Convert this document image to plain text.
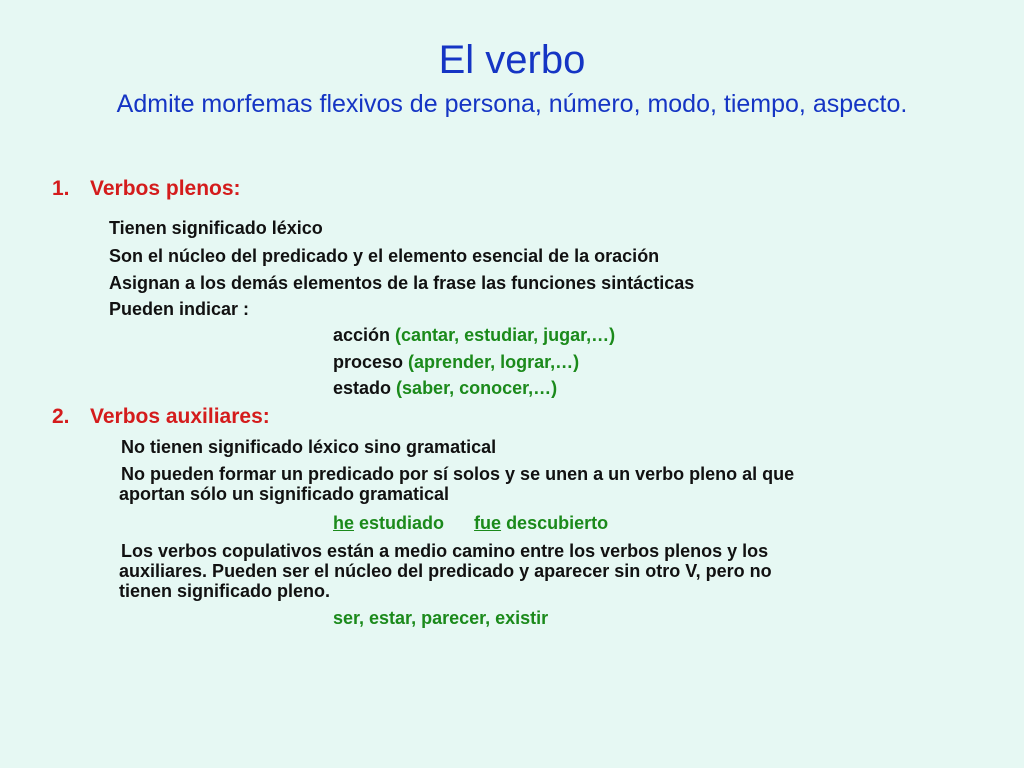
El verbo
Admite morfemas flexivos de persona, número, modo, tiempo, aspecto.
1. Verbos plenos:
Tienen significado léxico
Son el núcleo del predicado y el elemento esencial de la oración
Asignan a los demás elementos de la frase las funciones sintácticas
Pueden indicar :
acción (cantar, estudiar, jugar,…)
proceso (aprender, lograr,…)
estado (saber, conocer,…)
2. Verbos auxiliares:
No tienen significado léxico sino gramatical
No pueden formar un predicado por sí solos y se unen a un verbo pleno al que
aportan sólo un significado gramatical
he estudiado fue descubierto
Los verbos copulativos están a medio camino entre los verbos plenos y los
auxiliares. Pueden ser el núcleo del predicado y aparecer sin otro V, pero no
tienen significado pleno.
ser, estar, parecer, existir
